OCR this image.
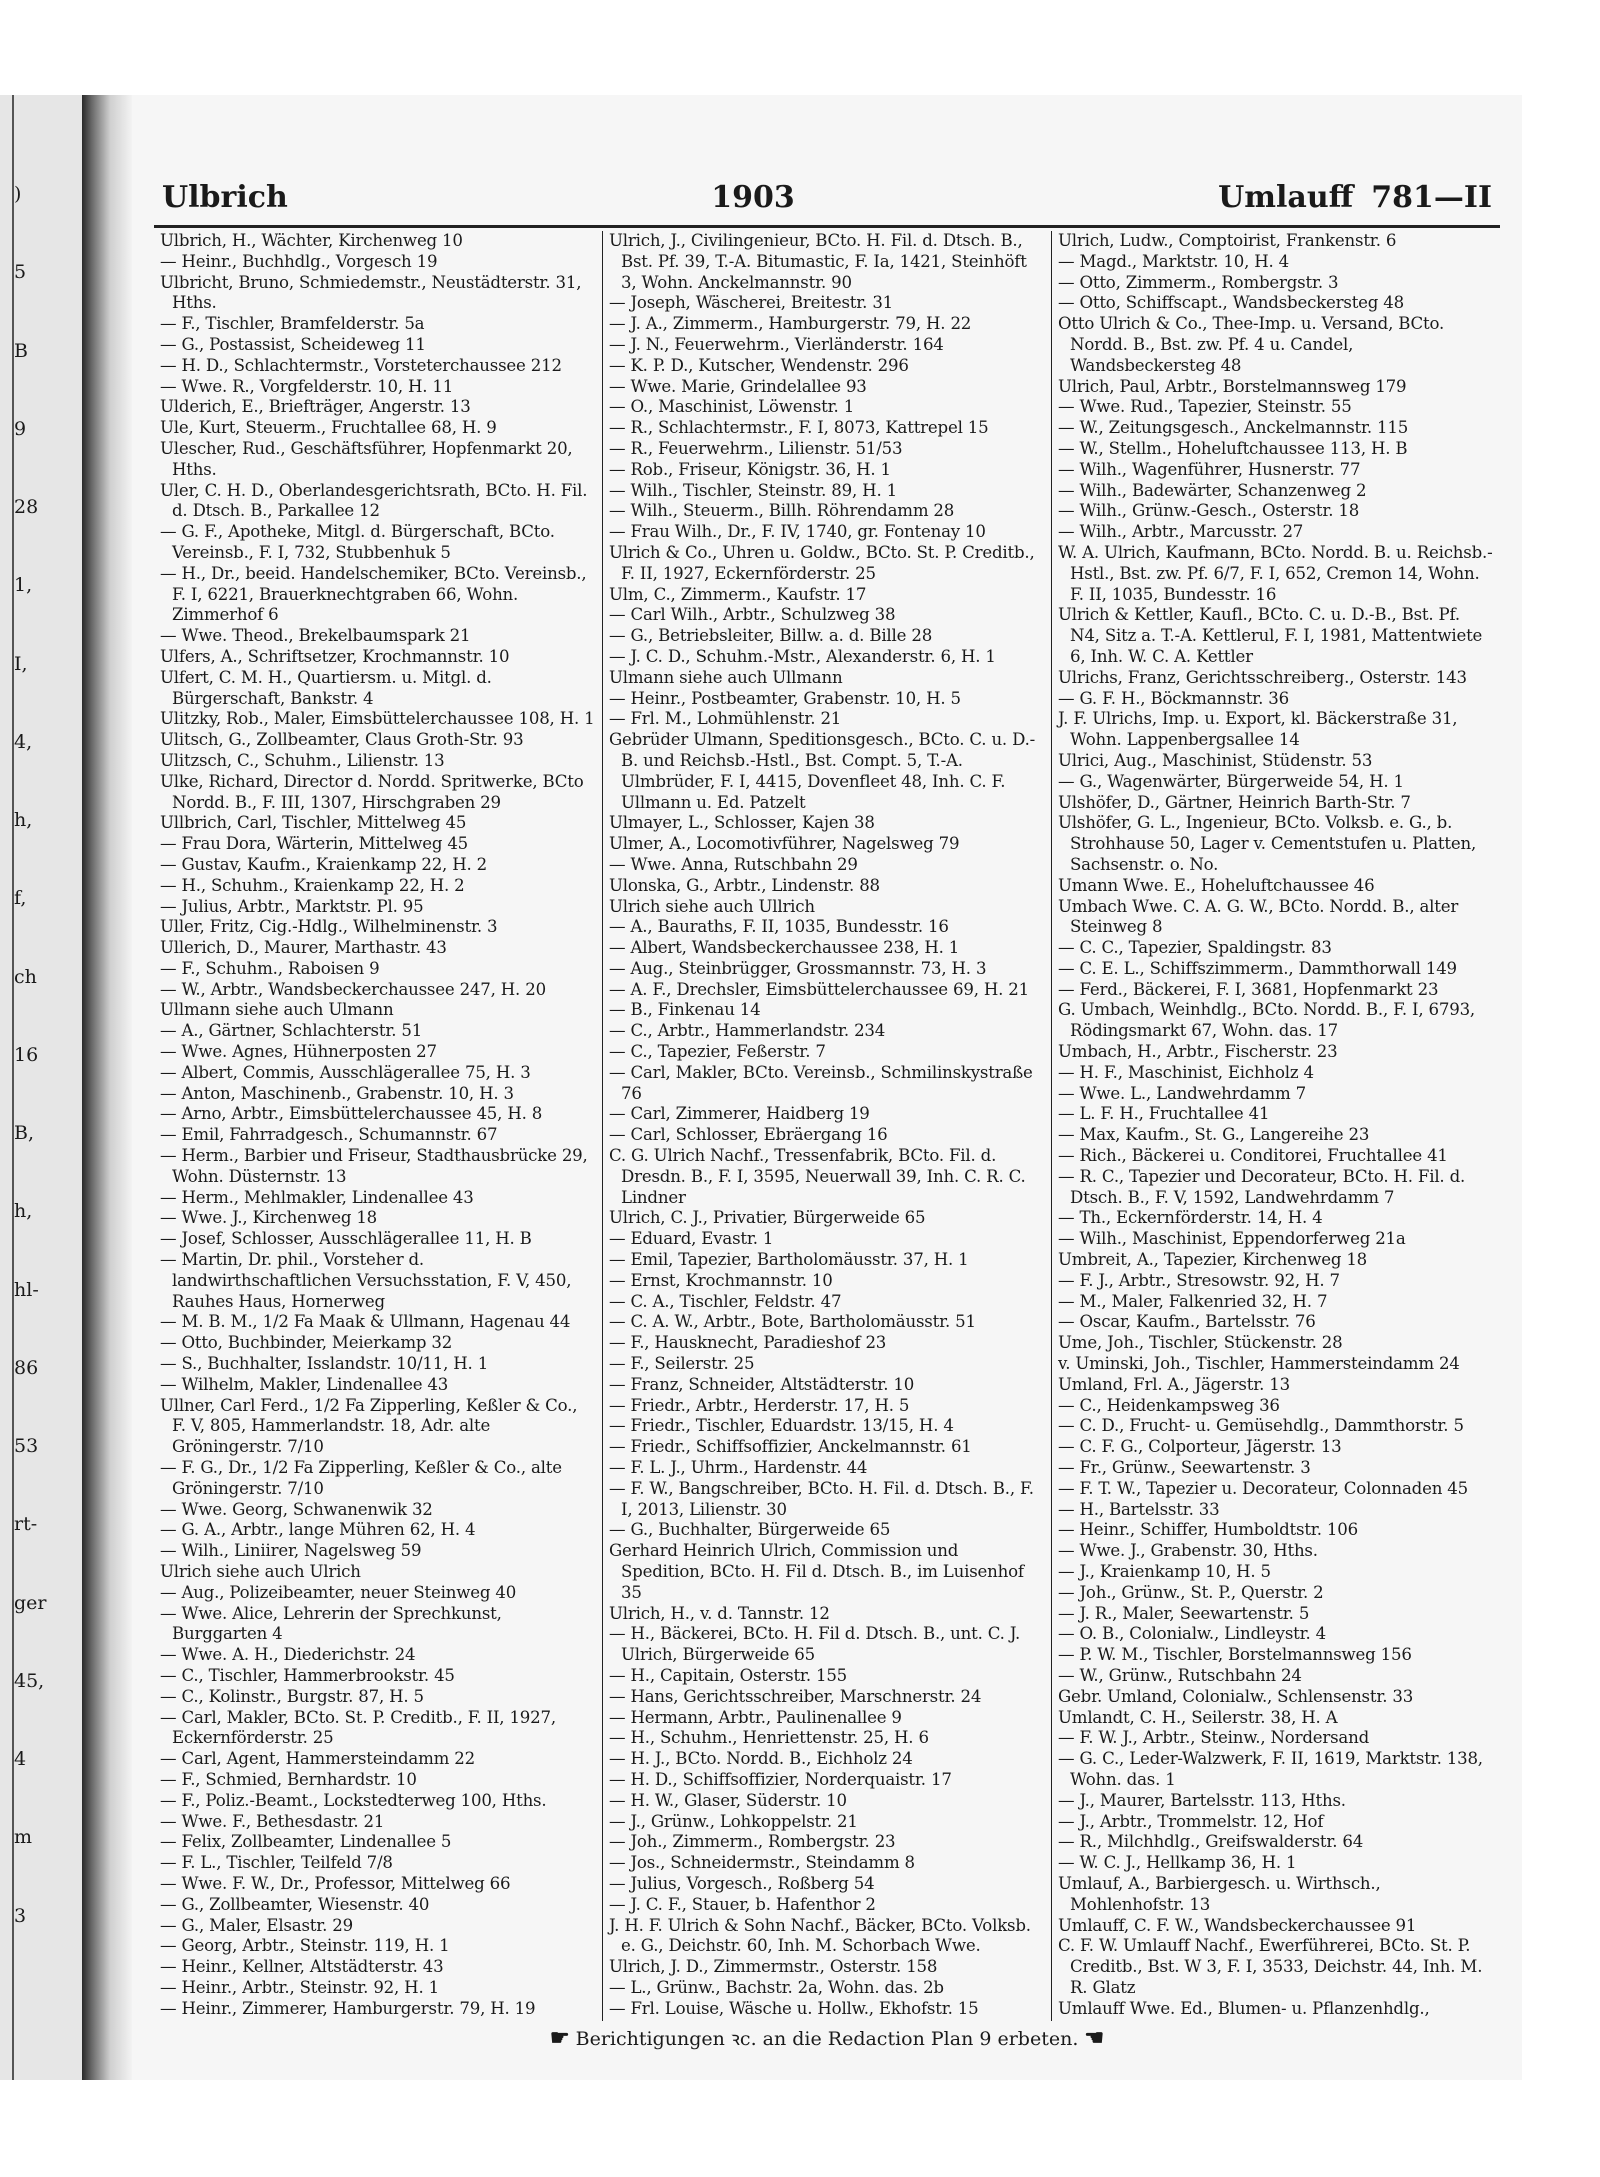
)
5
B
9
28
1,
I,
4,
h,
f,
ch
16
B,
h,
hl-
86
53
rt-
ger
45,
4
m
3
Ulbrich	1903	Umlauff 781—II
Ulbrich, H., Wächter, Kirchenweg 10
— Heinr., Buchhdlg., Vorgesch 19
Ulbricht, Bruno, Schmiedemstr., Neustädterstr. 31, Hths.
— F., Tischler, Bramfelderstr. 5a
— G., Postassist, Scheideweg 11
— H. D., Schlachtermstr., Vorsteterchaussee 212
— Wwe. R., Vorgfelderstr. 10, H. 11
Ulderich, E., Briefträger, Angerstr. 13
Ule, Kurt, Steuerm., Fruchtallee 68, H. 9
Ulescher, Rud., Geschäftsführer, Hopfenmarkt 20, Hths.
Uler, C. H. D., Oberlandesgerichtsrath, BCto. H. Fil. d. Dtsch. B., Parkallee 12
— G. F., Apotheke, Mitgl. d. Bürgerschaft, BCto. Vereinsb., F. I, 732, Stubbenhuk 5
— H., Dr., beeid. Handelschemiker, BCto. Vereinsb., F. I, 6221, Brauerknechtgraben 66, Wohn. Zimmerhof 6
— Wwe. Theod., Brekelbaumspark 21
Ulfers, A., Schriftsetzer, Krochmannstr. 10
Ulfert, C. M. H., Quartiersm. u. Mitgl. d. Bürgerschaft, Bankstr. 4
Ulitzky, Rob., Maler, Eimsbüttelerchaussee 108, H. 1
Ulitsch, G., Zollbeamter, Claus Groth-Str. 93
Ulitzsch, C., Schuhm., Lilienstr. 13
Ulke, Richard, Director d. Nordd. Spritwerke, BCto Nordd. B., F. III, 1307, Hirschgraben 29
Ullbrich, Carl, Tischler, Mittelweg 45
— Frau Dora, Wärterin, Mittelweg 45
— Gustav, Kaufm., Kraienkamp 22, H. 2
— H., Schuhm., Kraienkamp 22, H. 2
— Julius, Arbtr., Marktstr. Pl. 95
Uller, Fritz, Cig.-Hdlg., Wilhelminenstr. 3
Ullerich, D., Maurer, Marthastr. 43
— F., Schuhm., Raboisen 9
— W., Arbtr., Wandsbeckerchaussee 247, H. 20
Ullmann siehe auch Ulmann
— A., Gärtner, Schlachterstr. 51
— Wwe. Agnes, Hühnerposten 27
— Albert, Commis, Ausschlägerallee 75, H. 3
— Anton, Maschinenb., Grabenstr. 10, H. 3
— Arno, Arbtr., Eimsbüttelerchaussee 45, H. 8
— Emil, Fahrradgesch., Schumannstr. 67
— Herm., Barbier und Friseur, Stadthausbrücke 29, Wohn. Düsternstr. 13
— Herm., Mehlmakler, Lindenallee 43
— Wwe. J., Kirchenweg 18
— Josef, Schlosser, Ausschlägerallee 11, H. B
— Martin, Dr. phil., Vorsteher d. landwirthschaftlichen Versuchsstation, F. V, 450, Rauhes Haus, Hornerweg
— M. B. M., 1/2 Fa Maak & Ullmann, Hagenau 44
— Otto, Buchbinder, Meierkamp 32
— S., Buchhalter, Isslandstr. 10/11, H. 1
— Wilhelm, Makler, Lindenallee 43
Ullner, Carl Ferd., 1/2 Fa Zipperling, Keßler & Co., F. V, 805, Hammerlandstr. 18, Adr. alte Gröningerstr. 7/10
— F. G., Dr., 1/2 Fa Zipperling, Keßler & Co., alte Gröningerstr. 7/10
— Wwe. Georg, Schwanenwik 32
— G. A., Arbtr., lange Mühren 62, H. 4
— Wilh., Liniirer, Nagelsweg 59
Ulrich siehe auch Ulrich
— Aug., Polizeibeamter, neuer Steinweg 40
— Wwe. Alice, Lehrerin der Sprechkunst, Burggarten 4
— Wwe. A. H., Diederichstr. 24
— C., Tischler, Hammerbrookstr. 45
— C., Kolinstr., Burgstr. 87, H. 5
— Carl, Makler, BCto. St. P. Creditb., F. II, 1927, Eckernförderstr. 25
— Carl, Agent, Hammersteindamm 22
— F., Schmied, Bernhardstr. 10
— F., Poliz.-Beamt., Lockstedterweg 100, Hths.
— Wwe. F., Bethesdastr. 21
— Felix, Zollbeamter, Lindenallee 5
— F. L., Tischler, Teilfeld 7/8
— Wwe. F. W., Dr., Professor, Mittelweg 66
— G., Zollbeamter, Wiesenstr. 40
— G., Maler, Elsastr. 29
— Georg, Arbtr., Steinstr. 119, H. 1
— Heinr., Kellner, Altstädterstr. 43
— Heinr., Arbtr., Steinstr. 92, H. 1
— Heinr., Zimmerer, Hamburgerstr. 79, H. 19
Ulrich, J., Civilingenieur, BCto. H. Fil. d. Dtsch. B., Bst. Pf. 39, T.-A. Bitumastic, F. Ia, 1421, Steinhöft 3, Wohn. Anckelmannstr. 90
— Joseph, Wäscherei, Breitestr. 31
— J. A., Zimmerm., Hamburgerstr. 79, H. 22
— J. N., Feuerwehrm., Vierländerstr. 164
— K. P. D., Kutscher, Wendenstr. 296
— Wwe. Marie, Grindelallee 93
— O., Maschinist, Löwenstr. 1
— R., Schlachtermstr., F. I, 8073, Kattrepel 15
— R., Feuerwehrm., Lilienstr. 51/53
— Rob., Friseur, Königstr. 36, H. 1
— Wilh., Tischler, Steinstr. 89, H. 1
— Wilh., Steuerm., Billh. Röhrendamm 28
— Frau Wilh., Dr., F. IV, 1740, gr. Fontenay 10
Ulrich & Co., Uhren u. Goldw., BCto. St. P. Creditb., F. II, 1927, Eckernförderstr. 25
Ulm, C., Zimmerm., Kaufstr. 17
— Carl Wilh., Arbtr., Schulzweg 38
— G., Betriebsleiter, Billw. a. d. Bille 28
— J. C. D., Schuhm.-Mstr., Alexanderstr. 6, H. 1
Ulmann siehe auch Ullmann
— Heinr., Postbeamter, Grabenstr. 10, H. 5
— Frl. M., Lohmühlenstr. 21
Gebrüder Ulmann, Speditionsgesch., BCto. C. u. D.-B. und Reichsb.-Hstl., Bst. Compt. 5, T.-A. Ulmbrüder, F. I, 4415, Dovenfleet 48, Inh. C. F. Ullmann u. Ed. Patzelt
Ulmayer, L., Schlosser, Kajen 38
Ulmer, A., Locomotivführer, Nagelsweg 79
— Wwe. Anna, Rutschbahn 29
Ulonska, G., Arbtr., Lindenstr. 88
Ulrich siehe auch Ullrich
— A., Bauraths, F. II, 1035, Bundesstr. 16
— Albert, Wandsbeckerchaussee 238, H. 1
— Aug., Steinbrügger, Grossmannstr. 73, H. 3
— A. F., Drechsler, Eimsbüttelerchaussee 69, H. 21
— B., Finkenau 14
— C., Arbtr., Hammerlandstr. 234
— C., Tapezier, Feßerstr. 7
— Carl, Makler, BCto. Vereinsb., Schmilinskystraße 76
— Carl, Zimmerer, Haidberg 19
— Carl, Schlosser, Ebräergang 16
C. G. Ulrich Nachf., Tressenfabrik, BCto. Fil. d. Dresdn. B., F. I, 3595, Neuerwall 39, Inh. C. R. C. Lindner
Ulrich, C. J., Privatier, Bürgerweide 65
— Eduard, Evastr. 1
— Emil, Tapezier, Bartholomäusstr. 37, H. 1
— Ernst, Krochmannstr. 10
— C. A., Tischler, Feldstr. 47
— C. A. W., Arbtr., Bote, Bartholomäusstr. 51
— F., Hausknecht, Paradieshof 23
— F., Seilerstr. 25
— Franz, Schneider, Altstädterstr. 10
— Friedr., Arbtr., Herderstr. 17, H. 5
— Friedr., Tischler, Eduardstr. 13/15, H. 4
— Friedr., Schiffsoffizier, Anckelmannstr. 61
— F. L. J., Uhrm., Hardenstr. 44
— F. W., Bangschreiber, BCto. H. Fil. d. Dtsch. B., F. I, 2013, Lilienstr. 30
— G., Buchhalter, Bürgerweide 65
Gerhard Heinrich Ulrich, Commission und Spedition, BCto. H. Fil d. Dtsch. B., im Luisenhof 35
Ulrich, H., v. d. Tannstr. 12
— H., Bäckerei, BCto. H. Fil d. Dtsch. B., unt. C. J. Ulrich, Bürgerweide 65
— H., Capitain, Osterstr. 155
— Hans, Gerichtsschreiber, Marschnerstr. 24
— Hermann, Arbtr., Paulinenallee 9
— H., Schuhm., Henriettenstr. 25, H. 6
— H. J., BCto. Nordd. B., Eichholz 24
— H. D., Schiffsoffizier, Norderquaistr. 17
— H. W., Glaser, Süderstr. 10
— J., Grünw., Lohkoppelstr. 21
— Joh., Zimmerm., Rombergstr. 23
— Jos., Schneidermstr., Steindamm 8
— Julius, Vorgesch., Roßberg 54
— J. C. F., Stauer, b. Hafenthor 2
J. H. F. Ulrich & Sohn Nachf., Bäcker, BCto. Volksb. e. G., Deichstr. 60, Inh. M. Schorbach Wwe.
Ulrich, J. D., Zimmermstr., Osterstr. 158
— L., Grünw., Bachstr. 2a, Wohn. das. 2b
— Frl. Louise, Wäsche u. Hollw., Ekhofstr. 15
Ulrich, Ludw., Comptoirist, Frankenstr. 6
— Magd., Marktstr. 10, H. 4
— Otto, Zimmerm., Rombergstr. 3
— Otto, Schiffscapt., Wandsbeckersteg 48
Otto Ulrich & Co., Thee-Imp. u. Versand, BCto. Nordd. B., Bst. zw. Pf. 4 u. Candel, Wandsbeckersteg 48
Ulrich, Paul, Arbtr., Borstelmannsweg 179
— Wwe. Rud., Tapezier, Steinstr. 55
— W., Zeitungsgesch., Anckelmannstr. 115
— W., Stellm., Hoheluftchaussee 113, H. B
— Wilh., Wagenführer, Husnerstr. 77
— Wilh., Badewärter, Schanzenweg 2
— Wilh., Grünw.-Gesch., Osterstr. 18
— Wilh., Arbtr., Marcusstr. 27
W. A. Ulrich, Kaufmann, BCto. Nordd. B. u. Reichsb.-Hstl., Bst. zw. Pf. 6/7, F. I, 652, Cremon 14, Wohn. F. II, 1035, Bundesstr. 16
Ulrich & Kettler, Kaufl., BCto. C. u. D.-B., Bst. Pf. N4, Sitz a. T.-A. Kettlerul, F. I, 1981, Mattentwiete 6, Inh. W. C. A. Kettler
Ulrichs, Franz, Gerichtsschreiberg., Osterstr. 143
— G. F. H., Böckmannstr. 36
J. F. Ulrichs, Imp. u. Export, kl. Bäckerstraße 31, Wohn. Lappenbergsallee 14
Ulrici, Aug., Maschinist, Stüdenstr. 53
— G., Wagenwärter, Bürgerweide 54, H. 1
Ulshöfer, D., Gärtner, Heinrich Barth-Str. 7
Ulshöfer, G. L., Ingenieur, BCto. Volksb. e. G., b. Strohhause 50, Lager v. Cementstufen u. Platten, Sachsenstr. o. No.
Umann Wwe. E., Hoheluftchaussee 46
Umbach Wwe. C. A. G. W., BCto. Nordd. B., alter Steinweg 8
— C. C., Tapezier, Spaldingstr. 83
— C. E. L., Schiffszimmerm., Dammthorwall 149
— Ferd., Bäckerei, F. I, 3681, Hopfenmarkt 23
G. Umbach, Weinhdlg., BCto. Nordd. B., F. I, 6793, Rödingsmarkt 67, Wohn. das. 17
Umbach, H., Arbtr., Fischerstr. 23
— H. F., Maschinist, Eichholz 4
— Wwe. L., Landwehrdamm 7
— L. F. H., Fruchtallee 41
— Max, Kaufm., St. G., Langereihe 23
— Rich., Bäckerei u. Conditorei, Fruchtallee 41
— R. C., Tapezier und Decorateur, BCto. H. Fil. d. Dtsch. B., F. V, 1592, Landwehrdamm 7
— Th., Eckernförderstr. 14, H. 4
— Wilh., Maschinist, Eppendorferweg 21a
Umbreit, A., Tapezier, Kirchenweg 18
— F. J., Arbtr., Stresowstr. 92, H. 7
— M., Maler, Falkenried 32, H. 7
— Oscar, Kaufm., Bartelsstr. 76
Ume, Joh., Tischler, Stückenstr. 28
v. Uminski, Joh., Tischler, Hammersteindamm 24
Umland, Frl. A., Jägerstr. 13
— C., Heidenkampsweg 36
— C. D., Frucht- u. Gemüsehdlg., Dammthorstr. 5
— C. F. G., Colporteur, Jägerstr. 13
— Fr., Grünw., Seewartenstr. 3
— F. T. W., Tapezier u. Decorateur, Colonnaden 45
— H., Bartelsstr. 33
— Heinr., Schiffer, Humboldtstr. 106
— Wwe. J., Grabenstr. 30, Hths.
— J., Kraienkamp 10, H. 5
— Joh., Grünw., St. P., Querstr. 2
— J. R., Maler, Seewartenstr. 5
— O. B., Colonialw., Lindleystr. 4
— P. W. M., Tischler, Borstelmannsweg 156
— W., Grünw., Rutschbahn 24
Gebr. Umland, Colonialw., Schlensenstr. 33
Umlandt, C. H., Seilerstr. 38, H. A
— F. W. J., Arbtr., Steinw., Nordersand
— G. C., Leder-Walzwerk, F. II, 1619, Marktstr. 138, Wohn. das. 1
— J., Maurer, Bartelsstr. 113, Hths.
— J., Arbtr., Trommelstr. 12, Hof
— R., Milchhdlg., Greifswalderstr. 64
— W. C. J., Hellkamp 36, H. 1
Umlauf, A., Barbiergesch. u. Wirthsch., Mohlenhofstr. 13
Umlauff, C. F. W., Wandsbeckerchaussee 91
C. F. W. Umlauff Nachf., Ewerführerei, BCto. St. P. Creditb., Bst. W 3, F. I, 3533, Deichstr. 44, Inh. M. R. Glatz
Umlauff Wwe. Ed., Blumen- u. Pflanzenhdlg.,
☛ Berichtigungen ꝛc. an die Redaction Plan 9 erbeten. ☚
